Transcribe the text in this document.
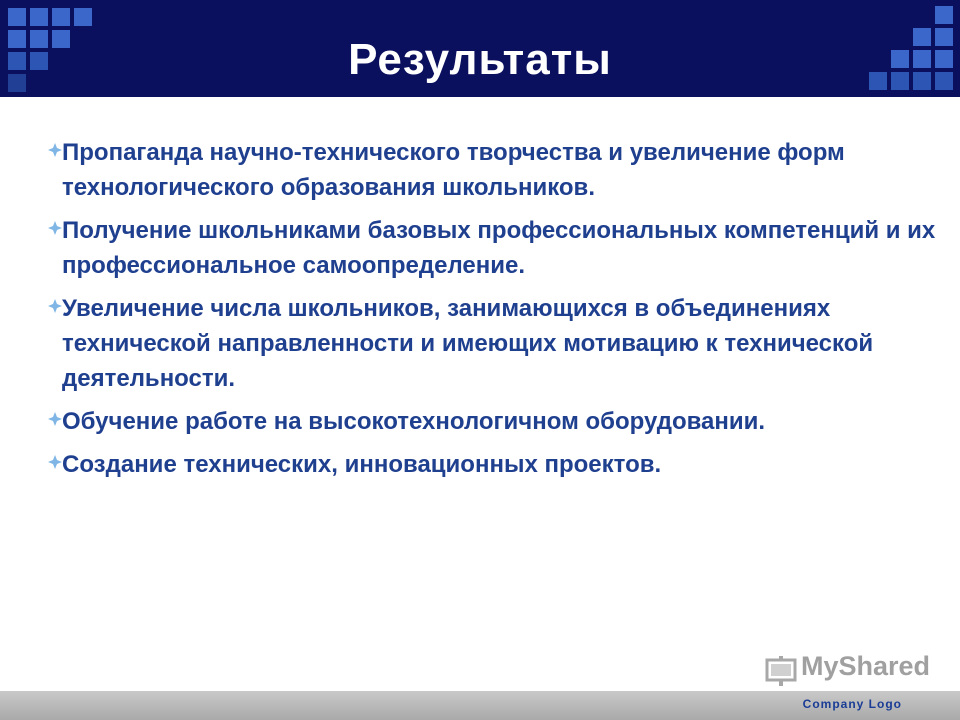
Результаты
Пропаганда научно-технического творчества и увеличение форм технологического образования школьников.
Получение школьниками базовых профессиональных компетенций и их профессиональное самоопределение.
Увеличение числа школьников, занимающихся в объединениях технической направленности и имеющих мотивацию к технической деятельности.
Обучение работе на высокотехнологичном оборудовании.
Создание технических, инновационных проектов.
MyShared
Company Logo
